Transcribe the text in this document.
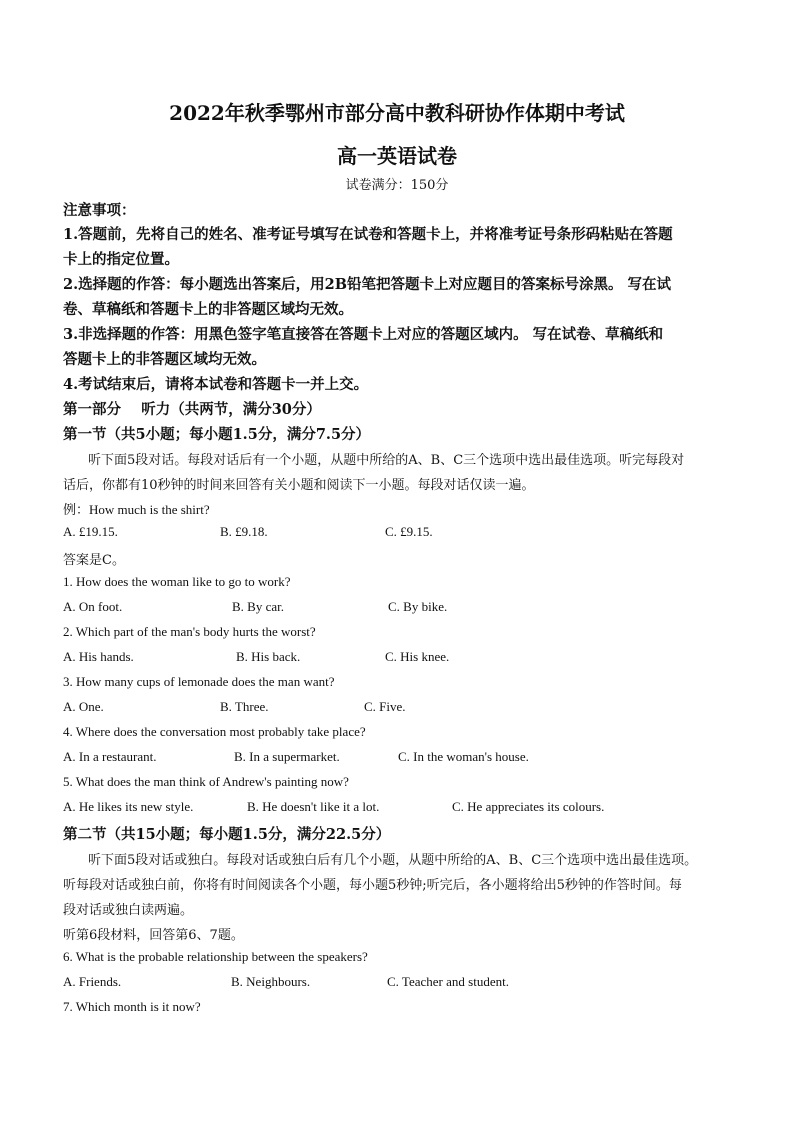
2022年秋季鄂州市部分高中教科研协作体期中考试
高一英语试卷
试卷满分：150分
注意事项：
1.答题前，先将自己的姓名、准考证号填写在试卷和答题卡上，并将准考证号条形码粘贴在答题
卡上的指定位置。
2.选择题的作答：每小题选出答案后，用2B铅笔把答题卡上对应题目的答案标号涂黑。 写在试
卷、草稿纸和答题卡上的非答题区域均无效。
3.非选择题的作答：用黑色签字笔直接答在答题卡上对应的答题区域内。 写在试卷、草稿纸和
答题卡上的非答题区域均无效。
4.考试结束后，请将本试卷和答题卡一并上交。
第一部分    听力（共两节，满分30分）
第一节（共5小题；每小题1.5分，满分7.5分）
听下面5段对话。每段对话后有一个小题，从题中所给的A、B、C三个选项中选出最佳选项。听完每段对
话后，你都有10秒钟的时间来回答有关小题和阅读下一小题。每段对话仅读一遍。
例：How much is the shirt?
A. £19.15.	B. £9.18.	C. £9.15.
答案是C。
1. How does the woman like to go to work?
A. On foot.	B. By car.	C. By bike.
2. Which part of the man's body hurts the worst?
A. His hands.	B. His back.	C. His knee.
3. How many cups of lemonade does the man want?
A. One.	B. Three.	C. Five.
4. Where does the conversation most probably take place?
A. In a restaurant.	B. In a supermarket.	C. In the woman's house.
5. What does the man think of Andrew's painting now?
A. He likes its new style.	B. He doesn't like it a lot.	C. He appreciates its colours.
第二节（共15小题；每小题1.5分，满分22.5分）
听下面5段对话或独白。每段对话或独白后有几个小题，从题中所给的A、B、C三个选项中选出最佳选项。
听每段对话或独白前，你将有时间阅读各个小题，每小题5秒钟;听完后，各小题将给出5秒钟的作答时间。每
段对话或独白读两遍。
听第6段材料，回答第6、7题。
6. What is the probable relationship between the speakers?
A. Friends.	B. Neighbours.	C. Teacher and student.
7. Which month is it now?
